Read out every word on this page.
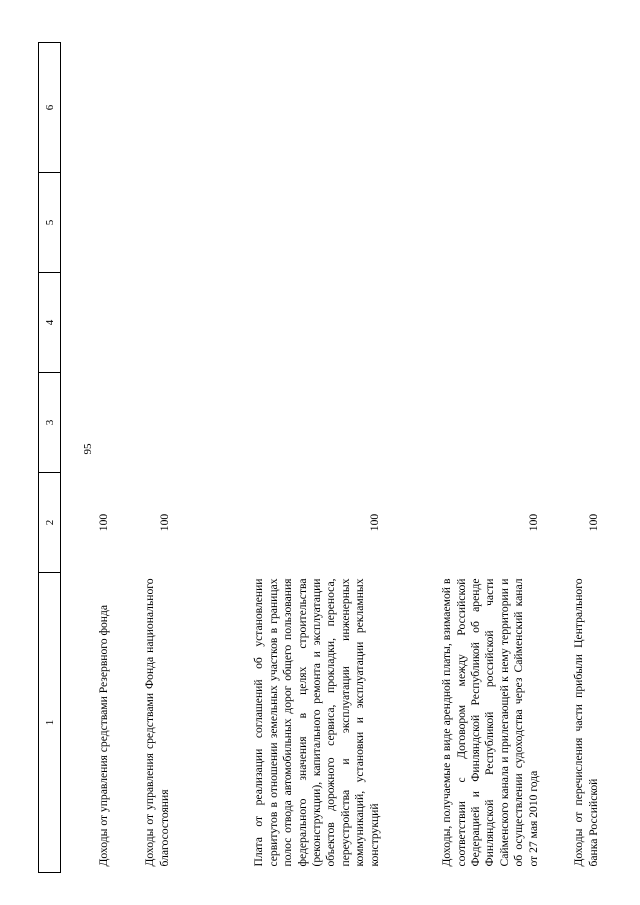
95
1	2	3	4	5	6
Доходы от управления средствами Резервного фонда	100				
Доходы от управления средствами Фонда национального благосостояния	100				
Плата от реализации соглашений об установлении сервитутов в отношении земельных участков в границах полос отвода автомобильных дорог общего пользования федерального значения в целях строительства (реконструкции), капитального ремонта и эксплуатации объектов дорожного сервиса, прокладки, переноса, переустройства и эксплуатации инженерных коммуникаций, установки и эксплуатации рекламных конструкций	100				
Доходы, получаемые в виде арендной платы, взимаемой в соответствии с Договором между Российской Федерацией и Финляндской Республикой об аренде Финляндской Республикой российской части Сайменского канала и прилегающей к нему территории и об осуществлении судоходства через Сайменский канал от 27 мая 2010 года	100				
Доходы от перечисления части прибыли Центрального банка Российской	100				
